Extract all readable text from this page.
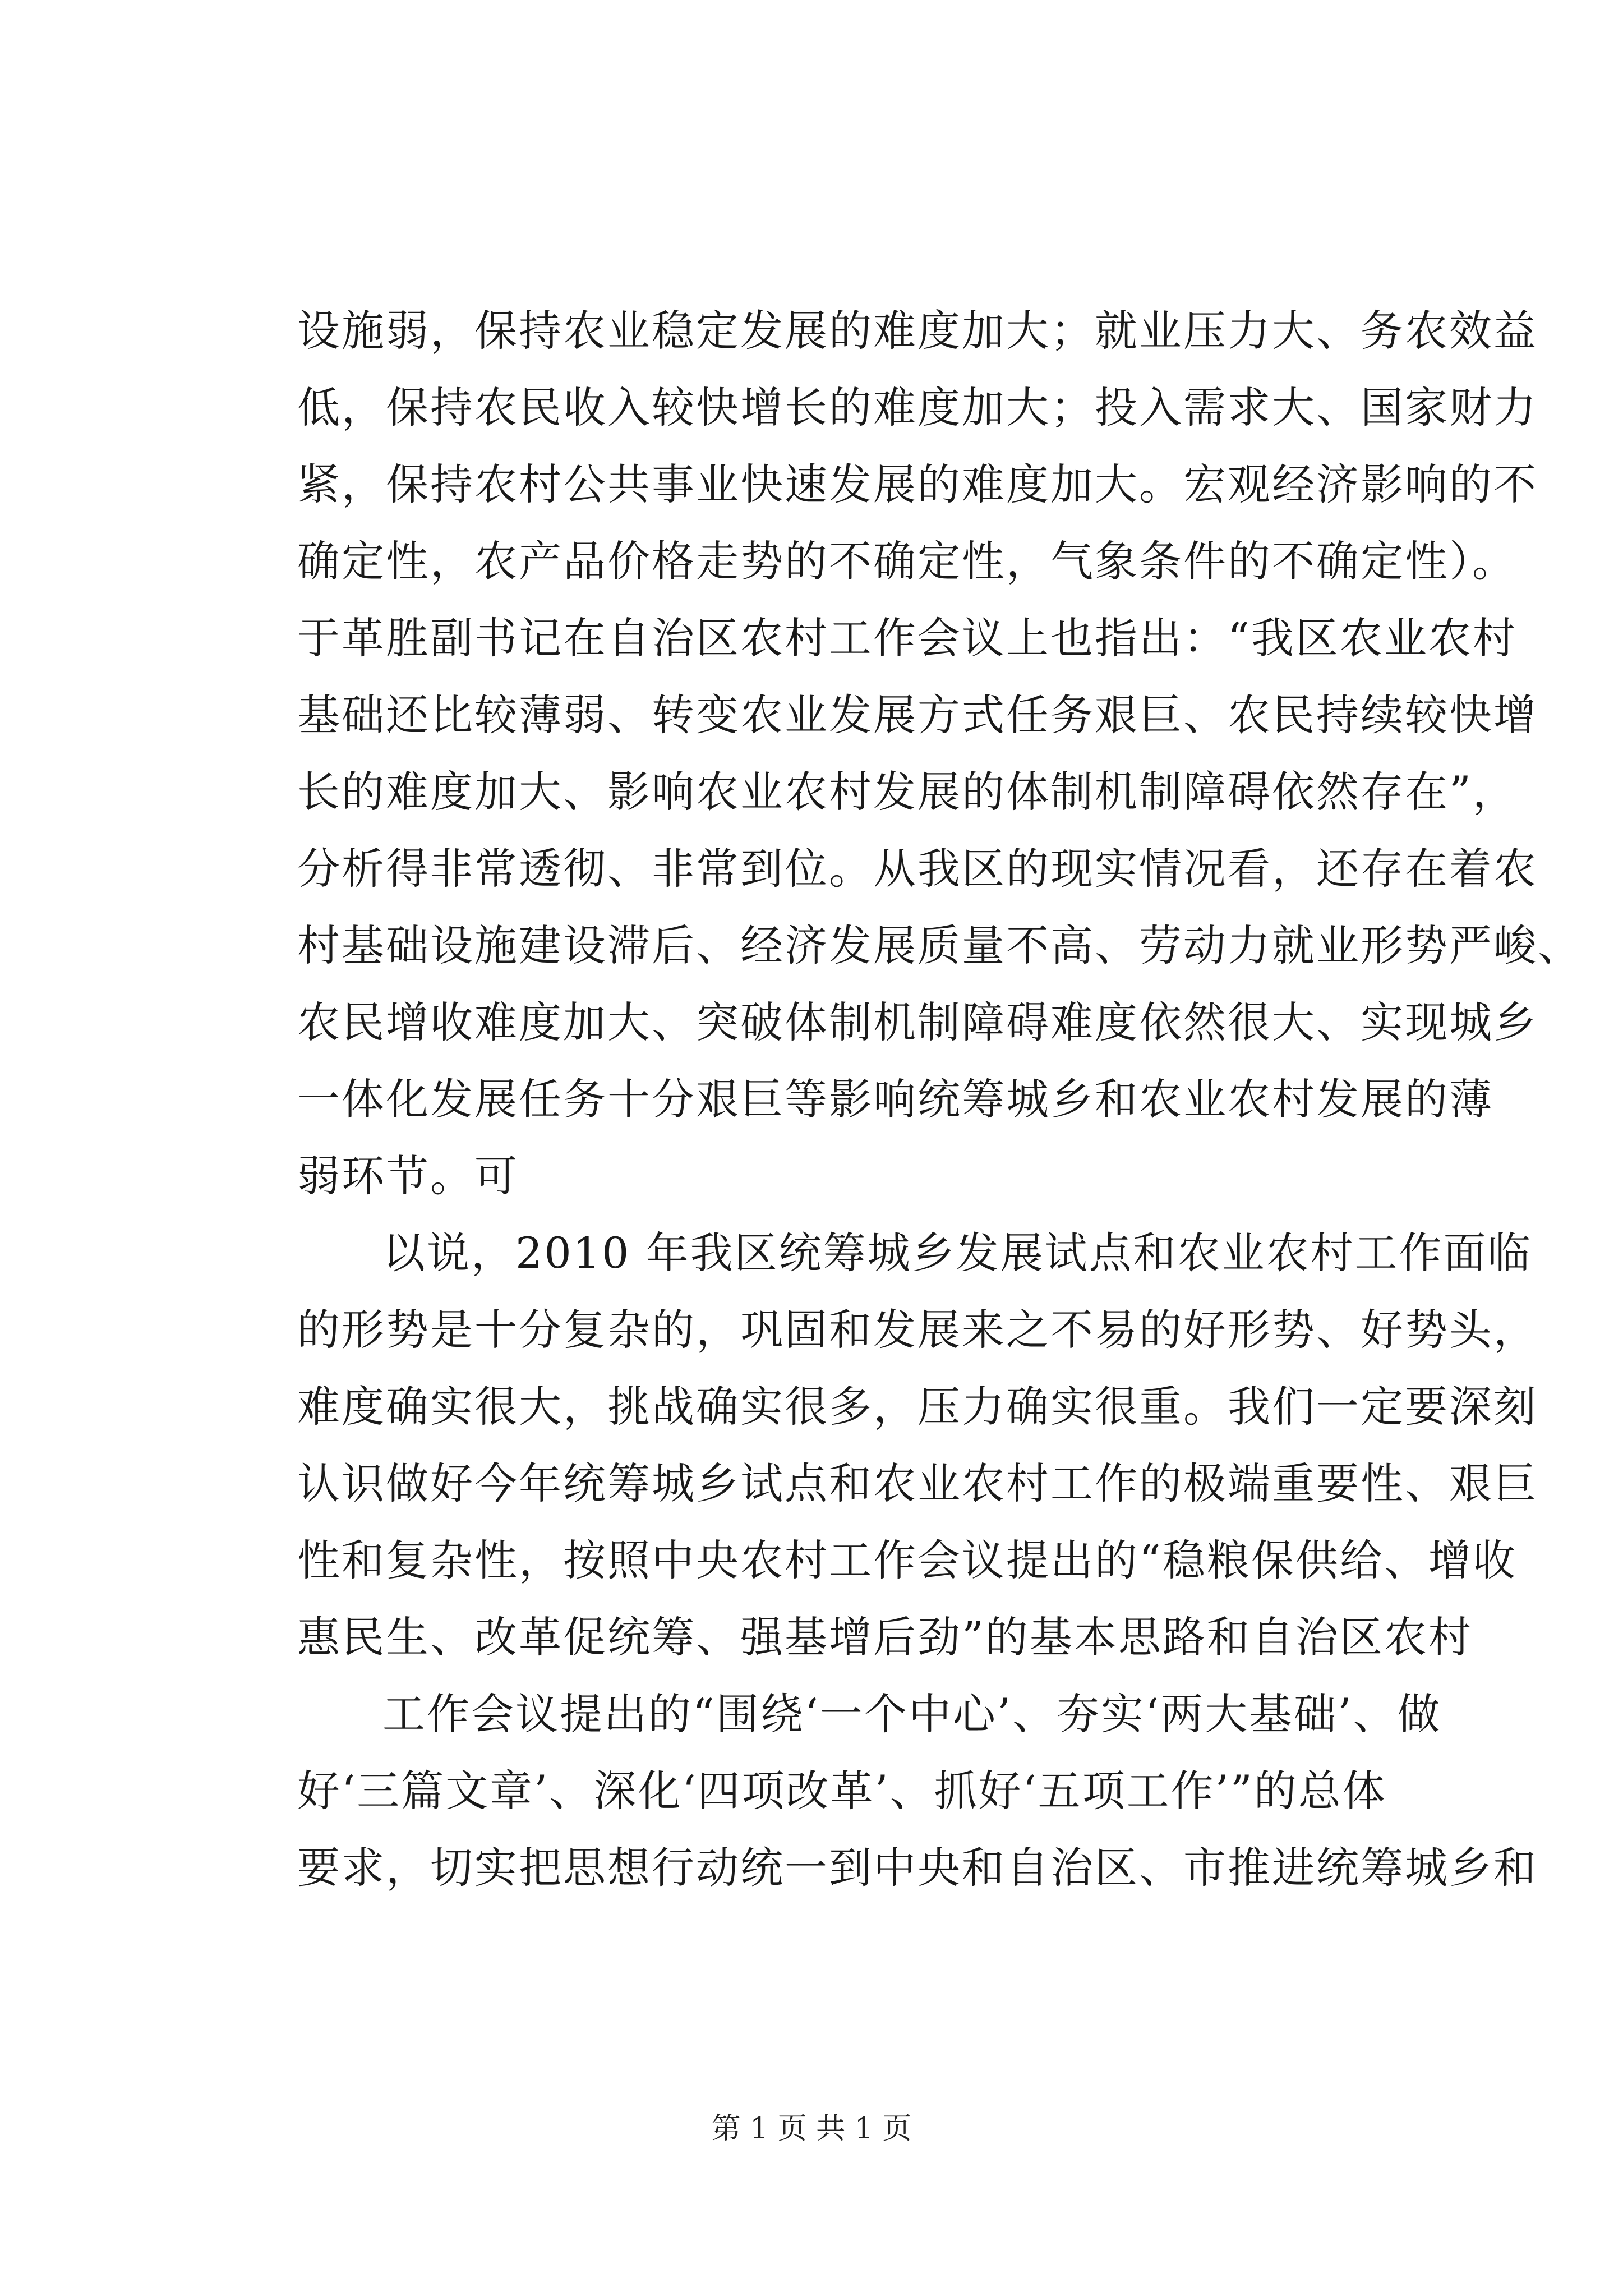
设施弱，保持农业稳定发展的难度加大；就业压力大、务农效益
低，保持农民收入较快增长的难度加大；投入需求大、国家财力
紧，保持农村公共事业快速发展的难度加大。宏观经济影响的不
确定性，农产品价格走势的不确定性，气象条件的不确定性）。
于革胜副书记在自治区农村工作会议上也指出：“我区农业农村
基础还比较薄弱、转变农业发展方式任务艰巨、农民持续较快增
长的难度加大、影响农业农村发展的体制机制障碍依然存在”，
分析得非常透彻、非常到位。从我区的现实情况看，还存在着农
村基础设施建设滞后、经济发展质量不高、劳动力就业形势严峻、
农民增收难度加大、突破体制机制障碍难度依然很大、实现城乡
一体化发展任务十分艰巨等影响统筹城乡和农业农村发展的薄
弱环节。可
以说，2010 年我区统筹城乡发展试点和农业农村工作面临
的形势是十分复杂的，巩固和发展来之不易的好形势、好势头，
难度确实很大，挑战确实很多，压力确实很重。我们一定要深刻
认识做好今年统筹城乡试点和农业农村工作的极端重要性、艰巨
性和复杂性，按照中央农村工作会议提出的“稳粮保供给、增收
惠民生、改革促统筹、强基增后劲”的基本思路和自治区农村
工作会议提出的“围绕‘一个中心’、夯实‘两大基础’、做
好‘三篇文章’、深化‘四项改革’、抓好‘五项工作’”的总体
要求，切实把思想行动统一到中央和自治区、市推进统筹城乡和
第 1 页 共 1 页
